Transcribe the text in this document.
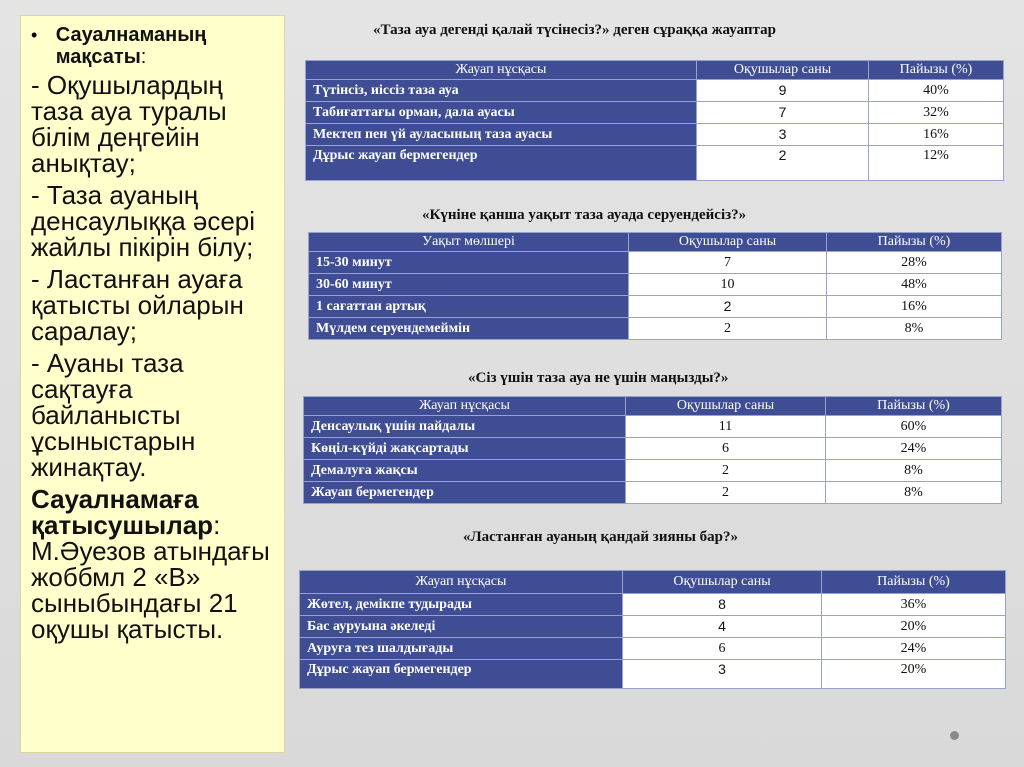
• Сауалнаманың мақсаты:

- Оқушылардың таза ауа туралы білім деңгейін анықтау;

- Таза ауаның денсаулыққа әсері жайлы пікірін білу;

- Ластанған ауаға қатысты ойларын саралау;

- Ауаны таза сақтауға байланысты ұсыныстарын жинақтау.

Сауалнамаға қатысушылар: М.Әуезов атындағы жоббмл 2 «В» сыныбындағы 21 оқушы қатысты.
«Таза ауа дегенді қалай түсінесіз?» деген сұраққа жауаптар
Жауап нұсқасы	Оқушылар саны	Пайызы (%)
Түтінсіз, иіссіз таза ауа	9	40%
Табиғаттағы орман, дала ауасы	7	32%
Мектеп пен үй ауласының таза ауасы	3	16%
Дұрыс жауап бермегендер	2	12%
«Күніне қанша уақыт таза ауада серуендейсіз?»
Уақыт мөлшері	Оқушылар саны	Пайызы (%)
15-30 минут	7	28%
30-60 минут	10	48%
1 сағаттан артық	2	16%
Мүлдем серуендемеймін	2	8%
«Сіз үшін таза ауа не үшін маңызды?»
Жауап нұсқасы	Оқушылар саны	Пайызы (%)
Денсаулық үшін пайдалы	11	60%
Көңіл-күйді жақсартады	6	24%
Демалуға жақсы	2	8%
Жауап бермегендер	2	8%
«Ластанған ауаның қандай зияны бар?»
Жауап нұсқасы	Оқушылар саны	Пайызы (%)
Жөтел, демікпе тудырады	8	36%
Бас ауруына әкеледі	4	20%
Ауруға тез шалдығады	6	24%
Дұрыс жауап бермегендер	3	20%
